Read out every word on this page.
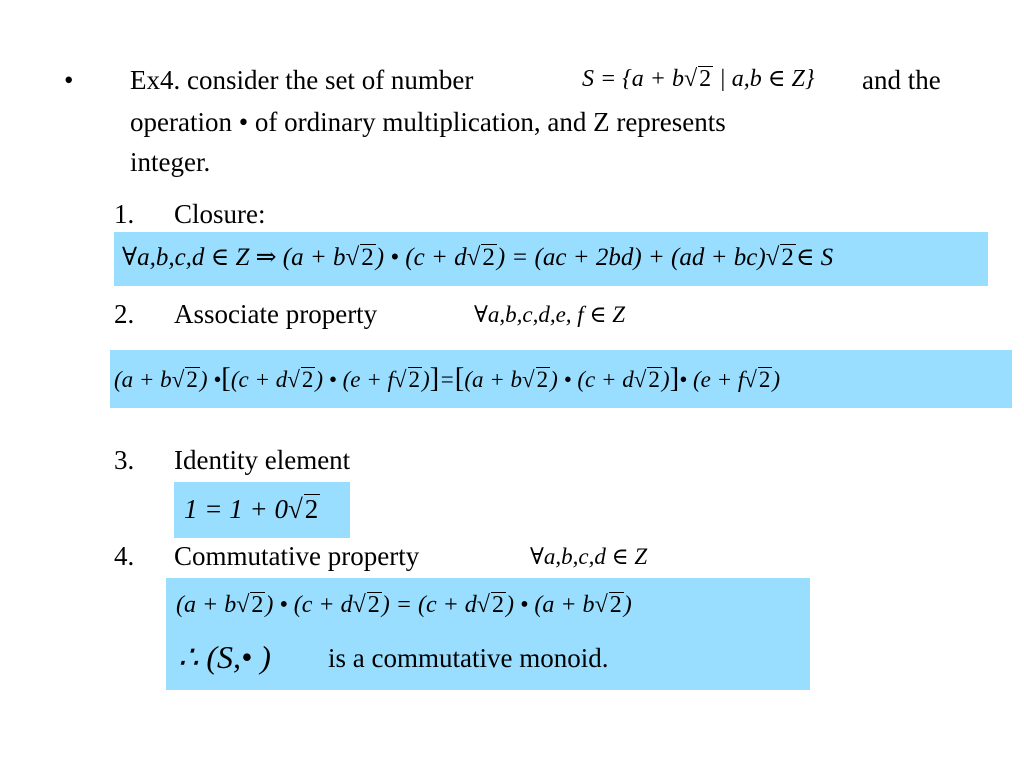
• Ex4. consider the set of number	S = {a + b√2 | a,b ∈ Z} and the
operation • of ordinary multiplication, and Z represents
integer.
1. Closure:
∀a,b,c,d ∈ Z ⇒ (a + b√2) • (c + d√2) = (ac + 2bd) + (ad + bc)√2∈ S
2. Associate property	∀a,b,c,d,e, f ∈ Z
(a + b√2) •[(c + d√2) • (e + f√2)]=[(a + b√2) • (c + d√2)]• (e + f√2)
3. Identity element
1 = 1 + 0√2
4. Commutative property	∀a,b,c,d ∈ Z
(a + b√2) • (c + d√2) = (c + d√2) • (a + b√2)
∴ (S,• ) is a commutative monoid.
